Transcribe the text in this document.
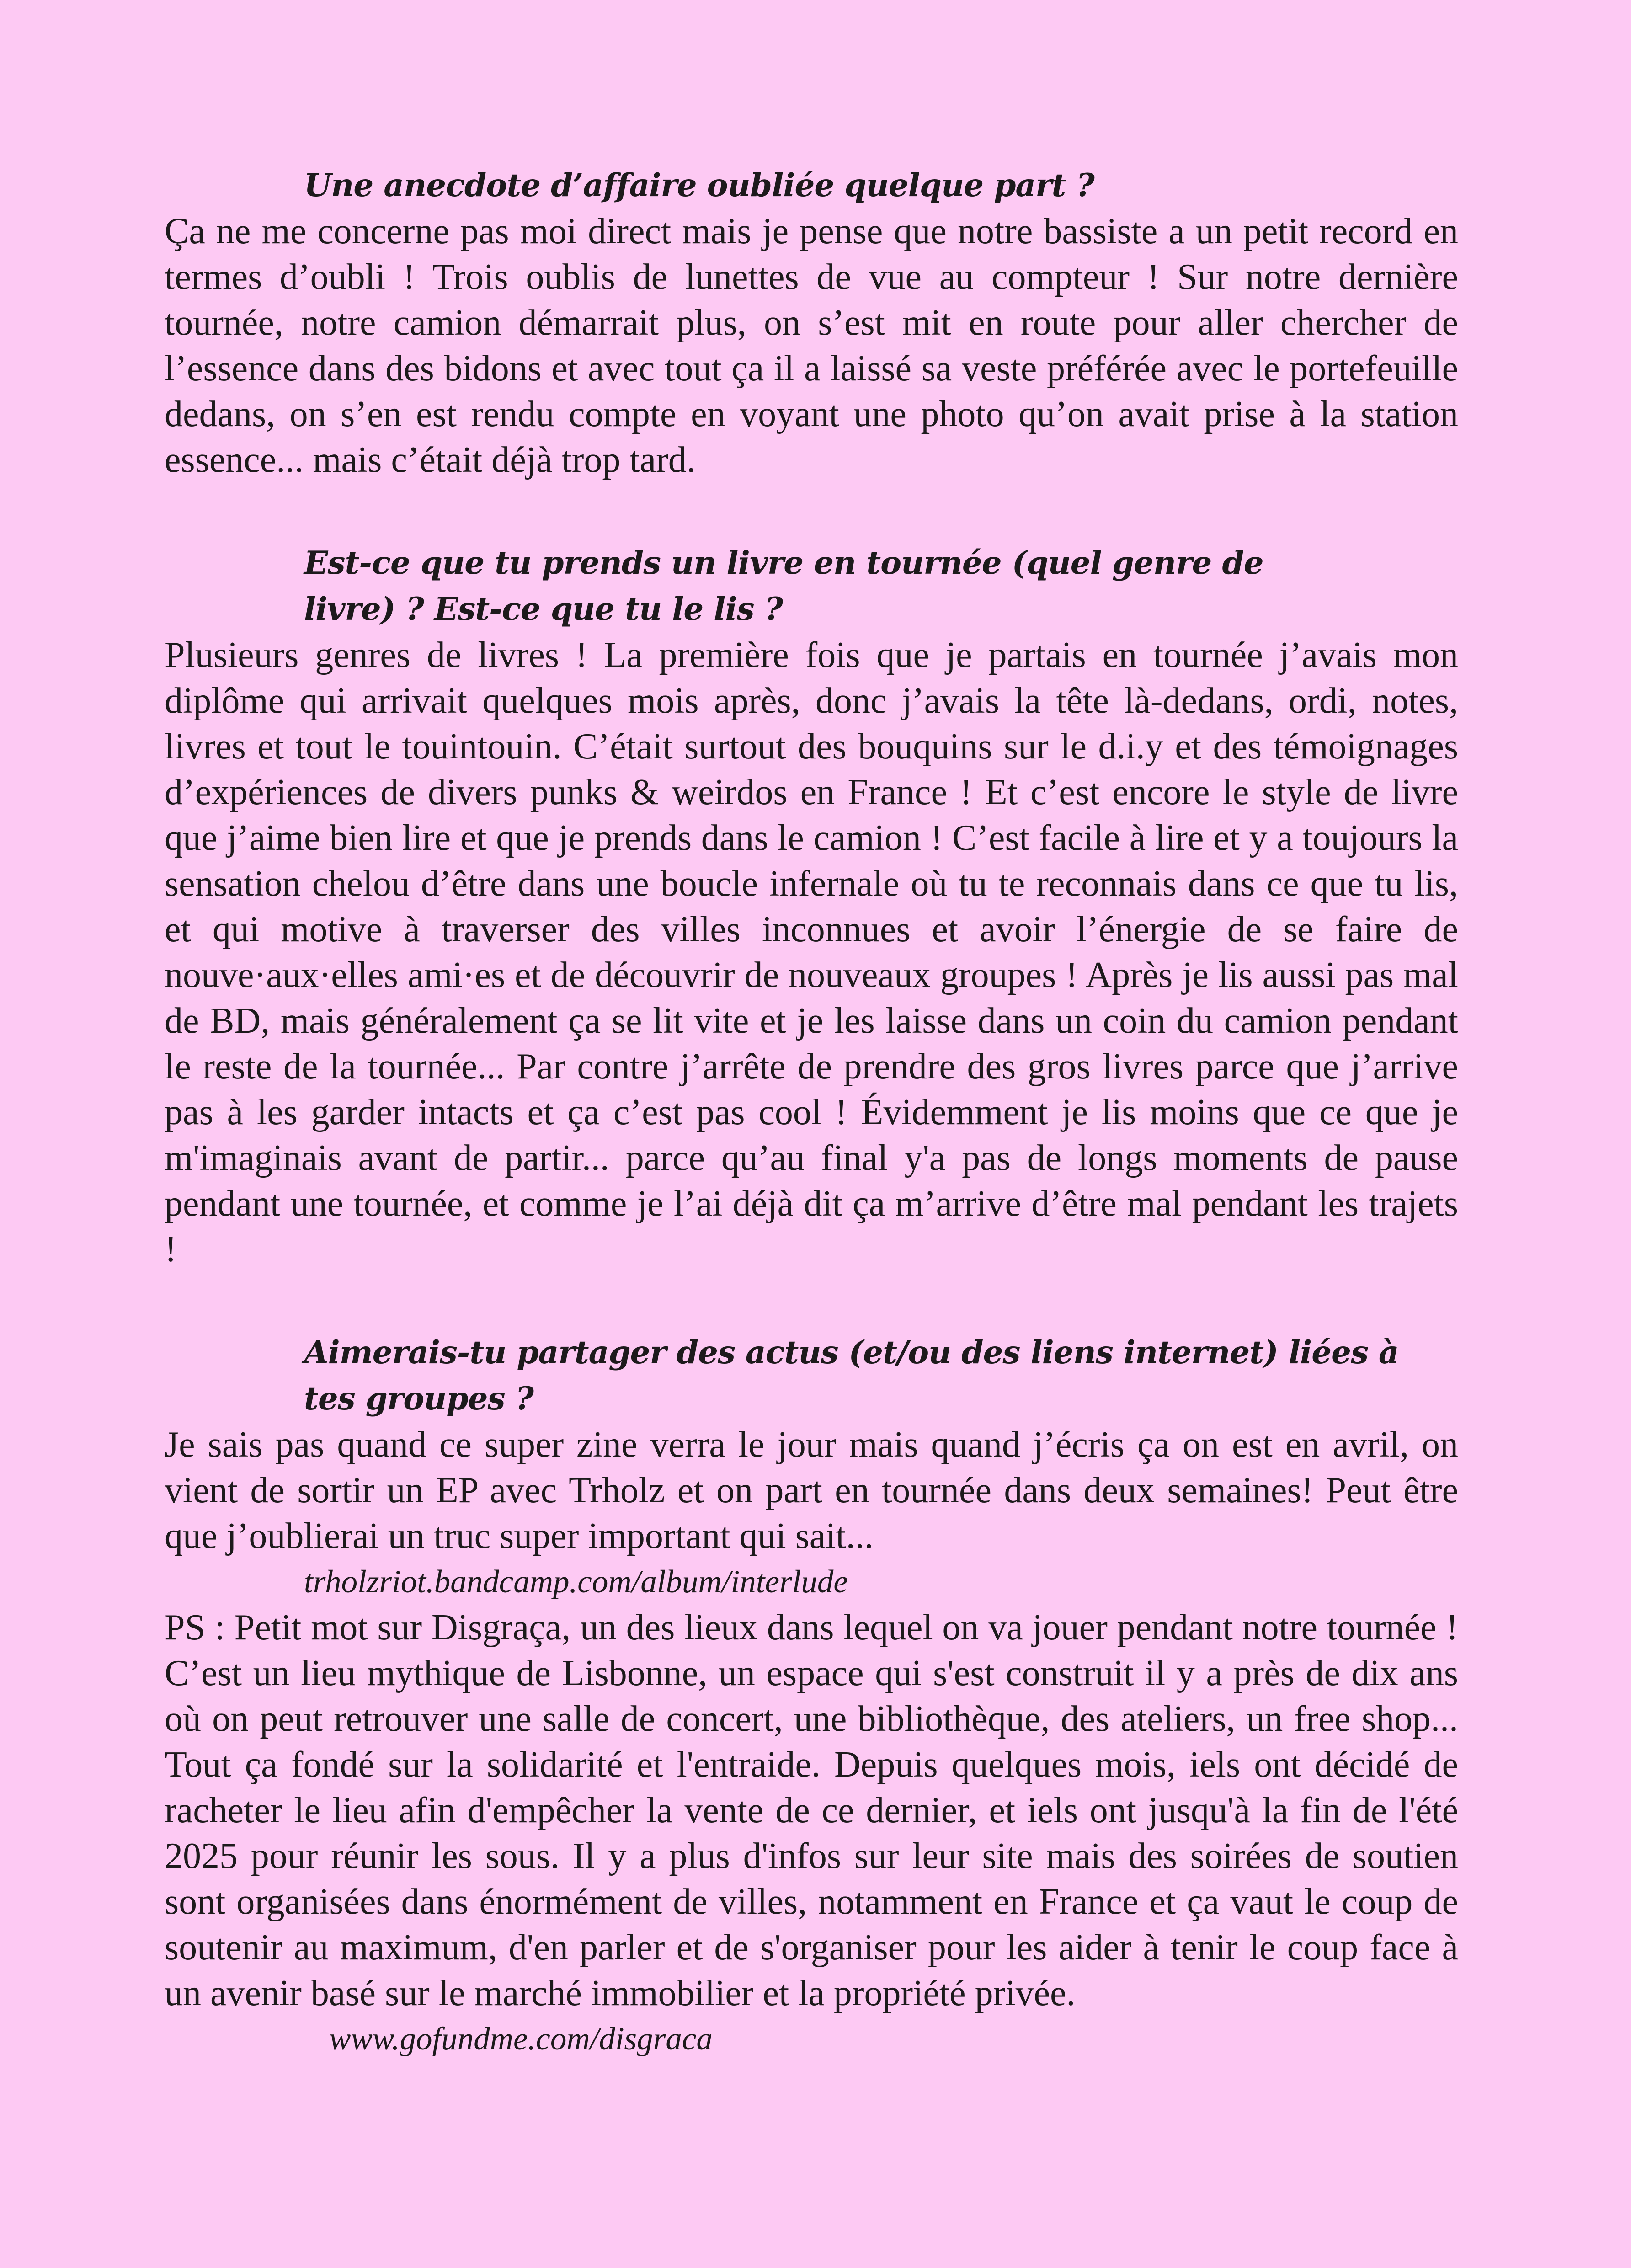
Une anecdote d’affaire oubliée quelque part ?

Ça ne me concerne pas moi direct mais je pense que notre bassiste a un petit record en termes d’oubli ! Trois oublis de lunettes de vue au compteur ! Sur notre dernière tournée, notre camion démarrait plus, on s’est mit en route pour aller chercher de l’essence dans des bidons et avec tout ça il a laissé sa veste préférée avec le portefeuille dedans, on s’en est rendu compte en voyant une photo qu’on avait prise à la station essence... mais c’était déjà trop tard.

Est-ce que tu prends un livre en tournée (quel genre de livre) ? Est-ce que tu le lis ?

Plusieurs genres de livres ! La première fois que je partais en tournée j’avais mon diplôme qui arrivait quelques mois après, donc j’avais la tête là-dedans, ordi, notes, livres et tout le touintouin. C’était surtout des bouquins sur le d.i.y et des témoignages d’expériences de divers punks & weirdos en France ! Et c’est encore le style de livre que j’aime bien lire et que je prends dans le camion ! C’est facile à lire et y a toujours la sensation chelou d’être dans une boucle infernale où tu te reconnais dans ce que tu lis, et qui motive à traverser des villes inconnues et avoir l’énergie de se faire de nouve·aux·elles ami·es et de découvrir de nouveaux groupes ! Après je lis aussi pas mal de BD, mais généralement ça se lit vite et je les laisse dans un coin du camion pendant le reste de la tournée... Par contre j’arrête de prendre des gros livres parce que j’arrive pas à les garder intacts et ça c’est pas cool ! Évidemment je lis moins que ce que je m'imaginais avant de partir... parce qu’au final y'a pas de longs moments de pause pendant une tournée, et comme je l’ai déjà dit ça m’arrive d’être mal pendant les trajets !

Aimerais-tu partager des actus (et/ou des liens internet) liées à tes groupes ?

Je sais pas quand ce super zine verra le jour mais quand j’écris ça on est en avril, on vient de sortir un EP avec Trholz et on part en tournée dans deux semaines! Peut être que j’oublierai un truc super important qui sait...

trholzriot.bandcamp.com/album/interlude

PS : Petit mot sur Disgraça, un des lieux dans lequel on va jouer pendant notre tournée ! C’est un lieu mythique de Lisbonne, un espace qui s'est construit il y a près de dix ans où on peut retrouver une salle de concert, une bibliothèque, des ateliers, un free shop... Tout ça fondé sur la solidarité et l'entraide. Depuis quelques mois, iels ont décidé de racheter le lieu afin d'empêcher la vente de ce dernier, et iels ont jusqu'à la fin de l'été 2025 pour réunir les sous. Il y a plus d'infos sur leur site mais des soirées de soutien sont organisées dans énormément de villes, notamment en France et ça vaut le coup de soutenir au maximum, d'en parler et de s'organiser pour les aider à tenir le coup face à un avenir basé sur le marché immobilier et la propriété privée.

www.gofundme.com/disgraca
